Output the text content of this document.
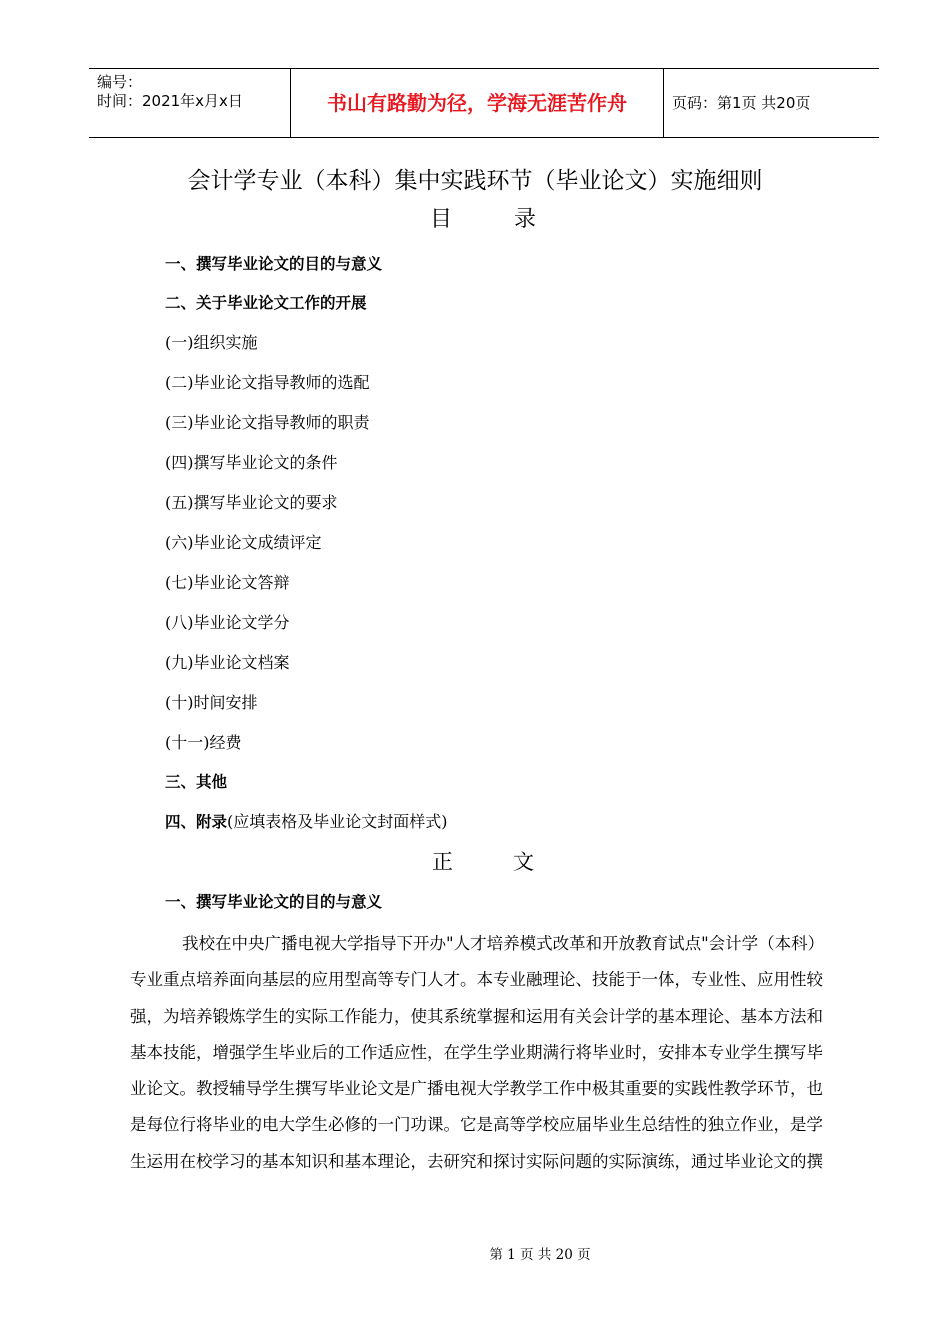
编号：
时间：2021年x月x日	书山有路勤为径，学海无涯苦作舟	页码：第1页 共20页
会计学专业（本科）集中实践环节（毕业论文）实施细则
目	录
一、撰写毕业论文的目的与意义
二、关于毕业论文工作的开展
(一)组织实施
(二)毕业论文指导教师的选配
(三)毕业论文指导教师的职责
(四)撰写毕业论文的条件
(五)撰写毕业论文的要求
(六)毕业论文成绩评定
(七)毕业论文答辩
(八)毕业论文学分
(九)毕业论文档案
(十)时间安排
(十一)经费
三、其他
四、附录(应填表格及毕业论文封面样式)
正	文
一、撰写毕业论文的目的与意义
我校在中央广播电视大学指导下开办"人才培养模式改革和开放教育试点"会计学（本科）
专业重点培养面向基层的应用型高等专门人才。本专业融理论、技能于一体，专业性、应用性较
强，为培养锻炼学生的实际工作能力，使其系统掌握和运用有关会计学的基本理论、基本方法和
基本技能，增强学生毕业后的工作适应性，在学生学业期满行将毕业时，安排本专业学生撰写毕
业论文。教授辅导学生撰写毕业论文是广播电视大学教学工作中极其重要的实践性教学环节，也
是每位行将毕业的电大学生必修的一门功课。它是高等学校应届毕业生总结性的独立作业，是学
生运用在校学习的基本知识和基本理论，去研究和探讨实际问题的实际演练，通过毕业论文的撰
第 1 页 共 20 页
